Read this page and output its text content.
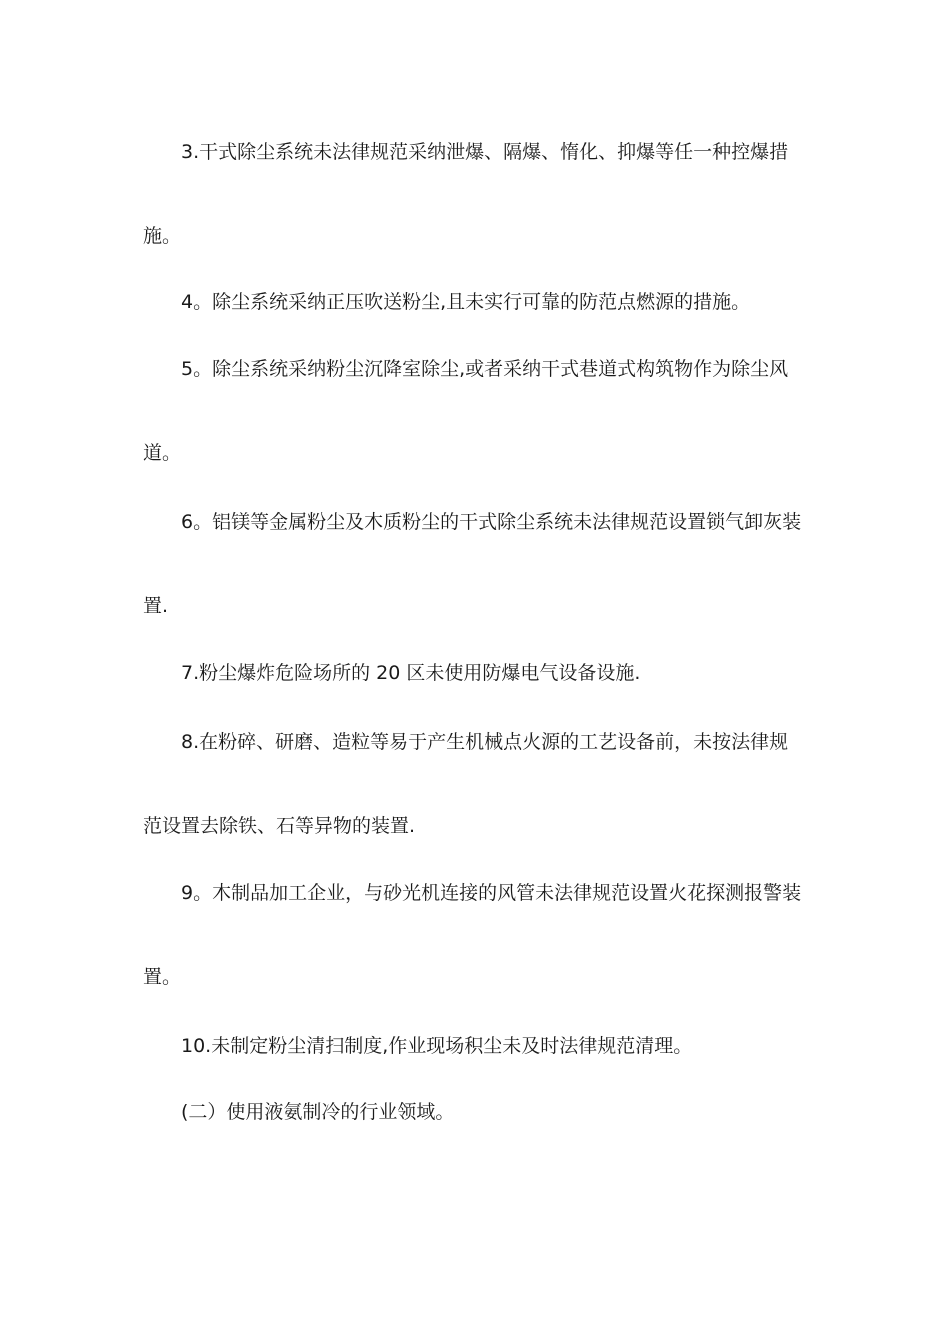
3.干式除尘系统未法律规范采纳泄爆、隔爆、惰化、抑爆等任一种控爆措
施。
4。除尘系统采纳正压吹送粉尘,且未实行可靠的防范点燃源的措施。
5。除尘系统采纳粉尘沉降室除尘,或者采纳干式巷道式构筑物作为除尘风
道。
6。铝镁等金属粉尘及木质粉尘的干式除尘系统未法律规范设置锁气卸灰装
置.
7.粉尘爆炸危险场所的 20 区未使用防爆电气设备设施.
8.在粉碎、研磨、造粒等易于产生机械点火源的工艺设备前，未按法律规
范设置去除铁、石等异物的装置.
9。木制品加工企业，与砂光机连接的风管未法律规范设置火花探测报警装
置。
10.未制定粉尘清扫制度,作业现场积尘未及时法律规范清理。
(二）使用液氨制冷的行业领域。
